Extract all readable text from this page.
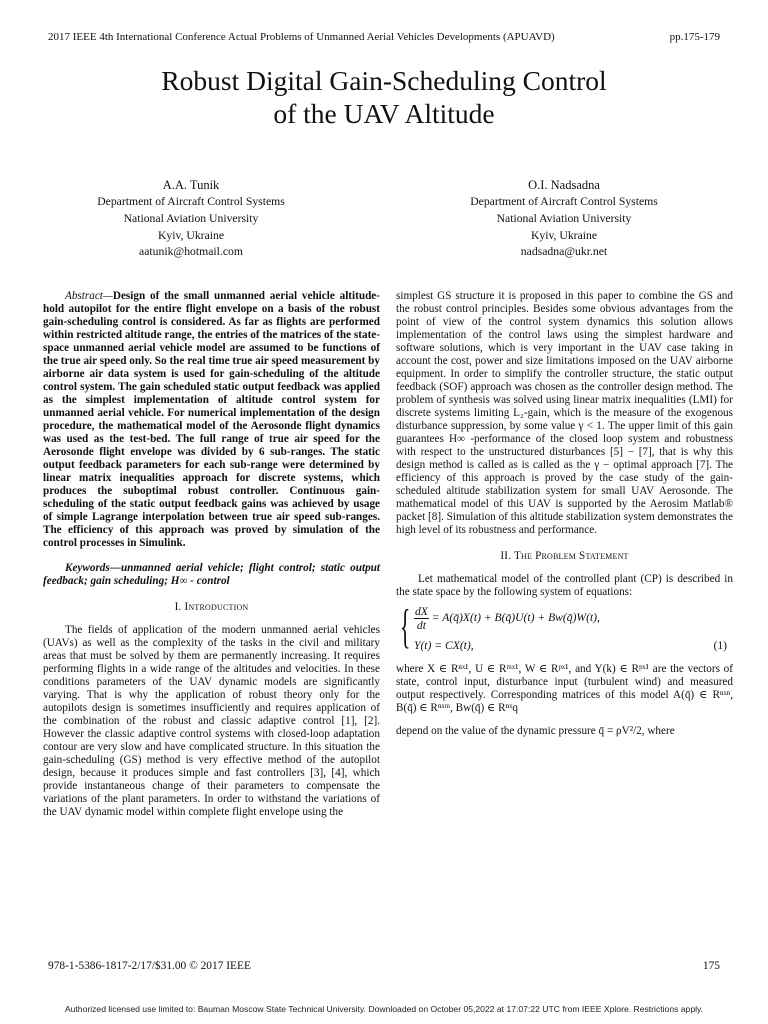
2017 IEEE 4th International Conference Actual Problems of Unmanned Aerial Vehicles Developments (APUAVD)	pp.175-179
Robust Digital Gain-Scheduling Control
of the UAV Altitude
A.A. Tunik
Department of Aircraft Control Systems
National Aviation University
Kyiv, Ukraine
aatunik@hotmail.com
O.I. Nadsadna
Department of Aircraft Control Systems
National Aviation University
Kyiv, Ukraine
nadsadna@ukr.net

Abstract—Design of the small unmanned aerial vehicle altitude-hold autopilot for the entire flight envelope on a basis of the robust gain-scheduling control is considered. As far as flights are performed within restricted altitude range, the entries of the matrices of the state-space unmanned aerial vehicle model are assumed to be functions of the true air speed only. So the real time true air speed measurement by airborne air data system is used for gain-scheduling of the altitude control system. The gain scheduled static output feedback was applied as the simplest implementation of altitude control system for unmanned aerial vehicle. For numerical implementation of the design procedure, the mathematical model of the Aerosonde flight dynamics was used as the test-bed. The full range of true air speed for the Aerosonde flight envelope was divided by 6 sub-ranges. The static output feedback parameters for each sub-range were determined by linear matrix inequalities approach for discrete systems, which produces the suboptimal robust controller. Continuous gain-scheduling of the static output feedback gains was achieved by usage of simple Lagrange interpolation between true air speed sub-ranges. The efficiency of this approach was proved by simulation of the control processes in Simulink.

Keywords—unmanned aerial vehicle; flight control; static output feedback; gain scheduling; H∞ - control

I. Introduction

The fields of application of the modern unmanned aerial vehicles (UAVs) as well as the complexity of the tasks in the civil and military areas that must be solved by them are permanently increasing. It requires performing flights in a wide range of the altitudes and velocities. In these conditions parameters of the UAV dynamic models are significantly varying. That is why the application of robust theory only for the autopilots design is sometimes insufficiently and requires application of the combination of the robust and classic adaptive control [1], [2]. However the classic adaptive control systems with closed-loop adaptation contour are very slow and have complicated structure. In this situation the gain-scheduling (GS) method is very effective method of the autopilot design, because it produces simple and fast controllers [3], [4], which provide instantaneous change of their parameters to compensate the variations of the plant parameters. In order to withstand the variations of the UAV dynamic model within complete flight envelope using the

simplest GS structure it is proposed in this paper to combine the GS and the robust control principles. Besides some obvious advantages from the point of view of the control system dynamics this solution allows implementation of the control laws using the simplest hardware and software solutions, which is very important in the UAV case taking in account the cost, power and size limitations imposed on the UAV airborne equipment. In order to simplify the controller structure, the static output feedback (SOF) approach was chosen as the controller design method. The problem of synthesis was solved using linear matrix inequalities (LMI) for discrete systems limiting L₂-gain, which is the measure of the exogenous disturbance suppression, by some value γ < 1. The upper limit of this gain guarantees H∞ -performance of the closed loop system and robustness with respect to the unstructured disturbances [5] − [7], that is why this design method is called as is called as the γ − optimal approach [7]. The efficiency of this approach is proved by the case study of the gain-scheduled altitude stabilization system for small UAV Aerosonde. The mathematical model of this UAV is supported by the Aerosim Matlab® packet [8]. Simulation of this altitude stabilization system demonstrates the high level of its robustness and performance.

II. The Problem Statement

Let mathematical model of the controlled plant (CP) is described in the state space by the following system of equations:

{ $\frac{dX}{dt}$ = A(q̄)X(t) + B(q̄)U(t) + Bw(q̄)W(t),
Y(t) = CX(t),	(1)

where X ∈ Rⁿˣ¹, U ∈ Rᵐˣ¹, W ∈ Rᵖˣ¹, and Y(k) ∈ Rᵖˣ¹ are the vectors of state, control input, disturbance input (turbulent wind) and measured output respectively. Corresponding matrices of this model A(q̄) ∈ Rⁿˣⁿ, B(q̄) ∈ Rⁿˣᵐ, Bw(q̄) ∈ Rⁿˣq

depend on the value of the dynamic pressure q̄ = ρV²/2, where

978-1-5386-1817-2/17/$31.00 © 2017 IEEE	175
Authorized licensed use limited to: Bauman Moscow State Technical University. Downloaded on October 05,2022 at 17:07:22 UTC from IEEE Xplore. Restrictions apply.
